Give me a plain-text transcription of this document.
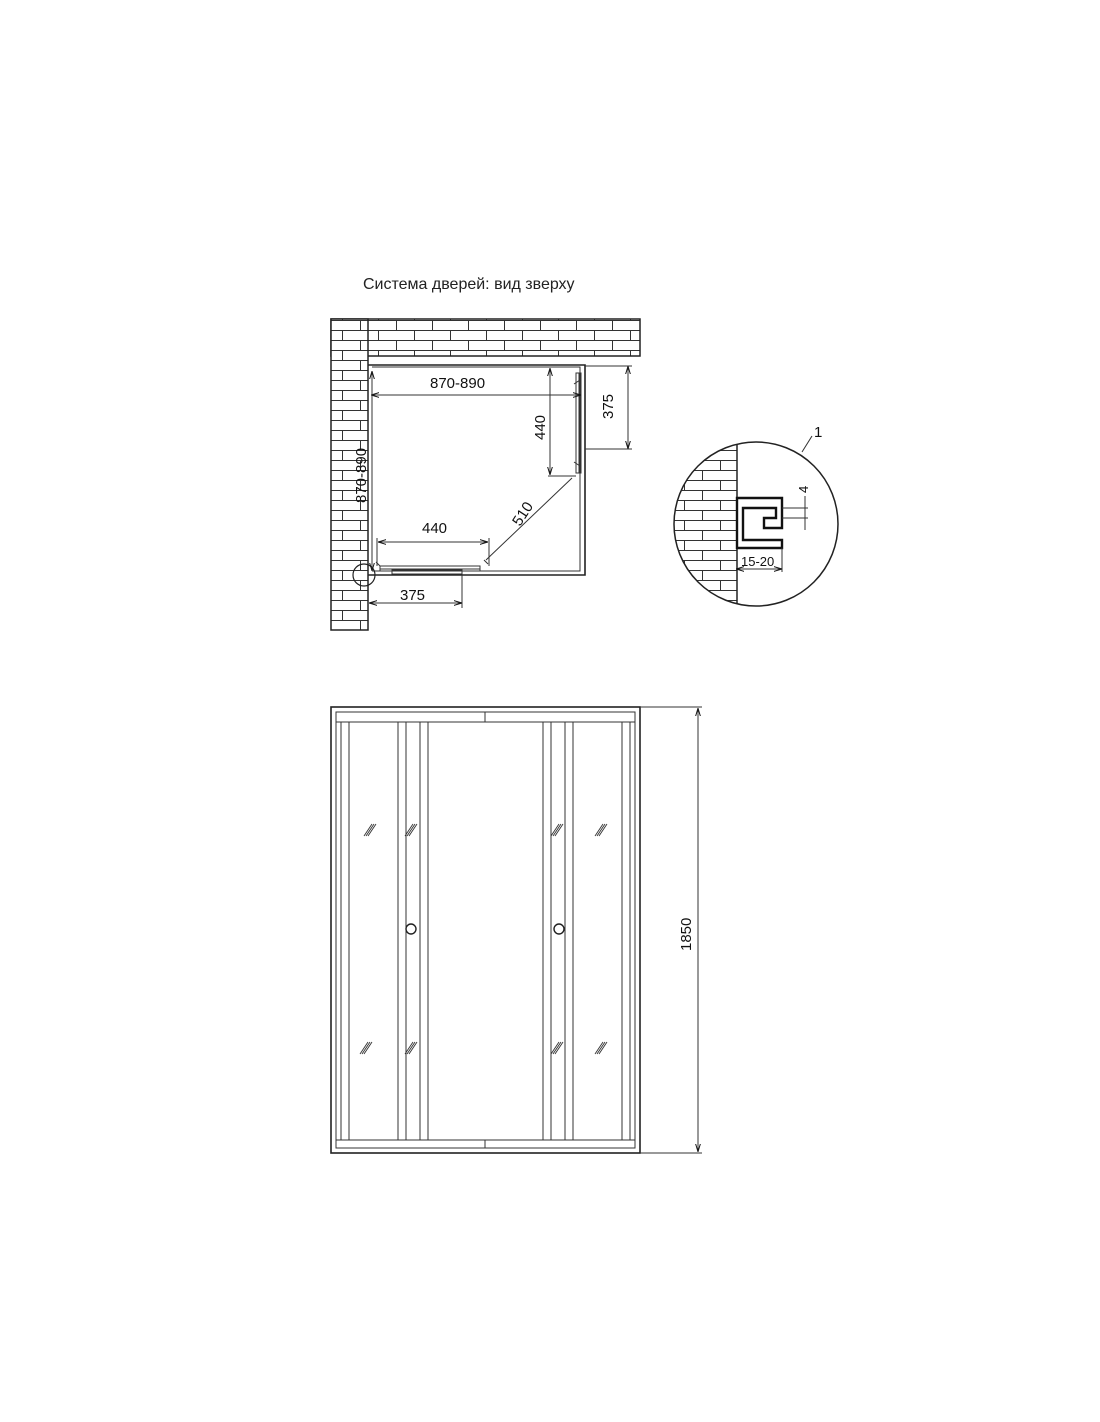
Система дверей: вид зверху
870-890
870-890
440
375
440	510
375
4
15-20
1
1850
